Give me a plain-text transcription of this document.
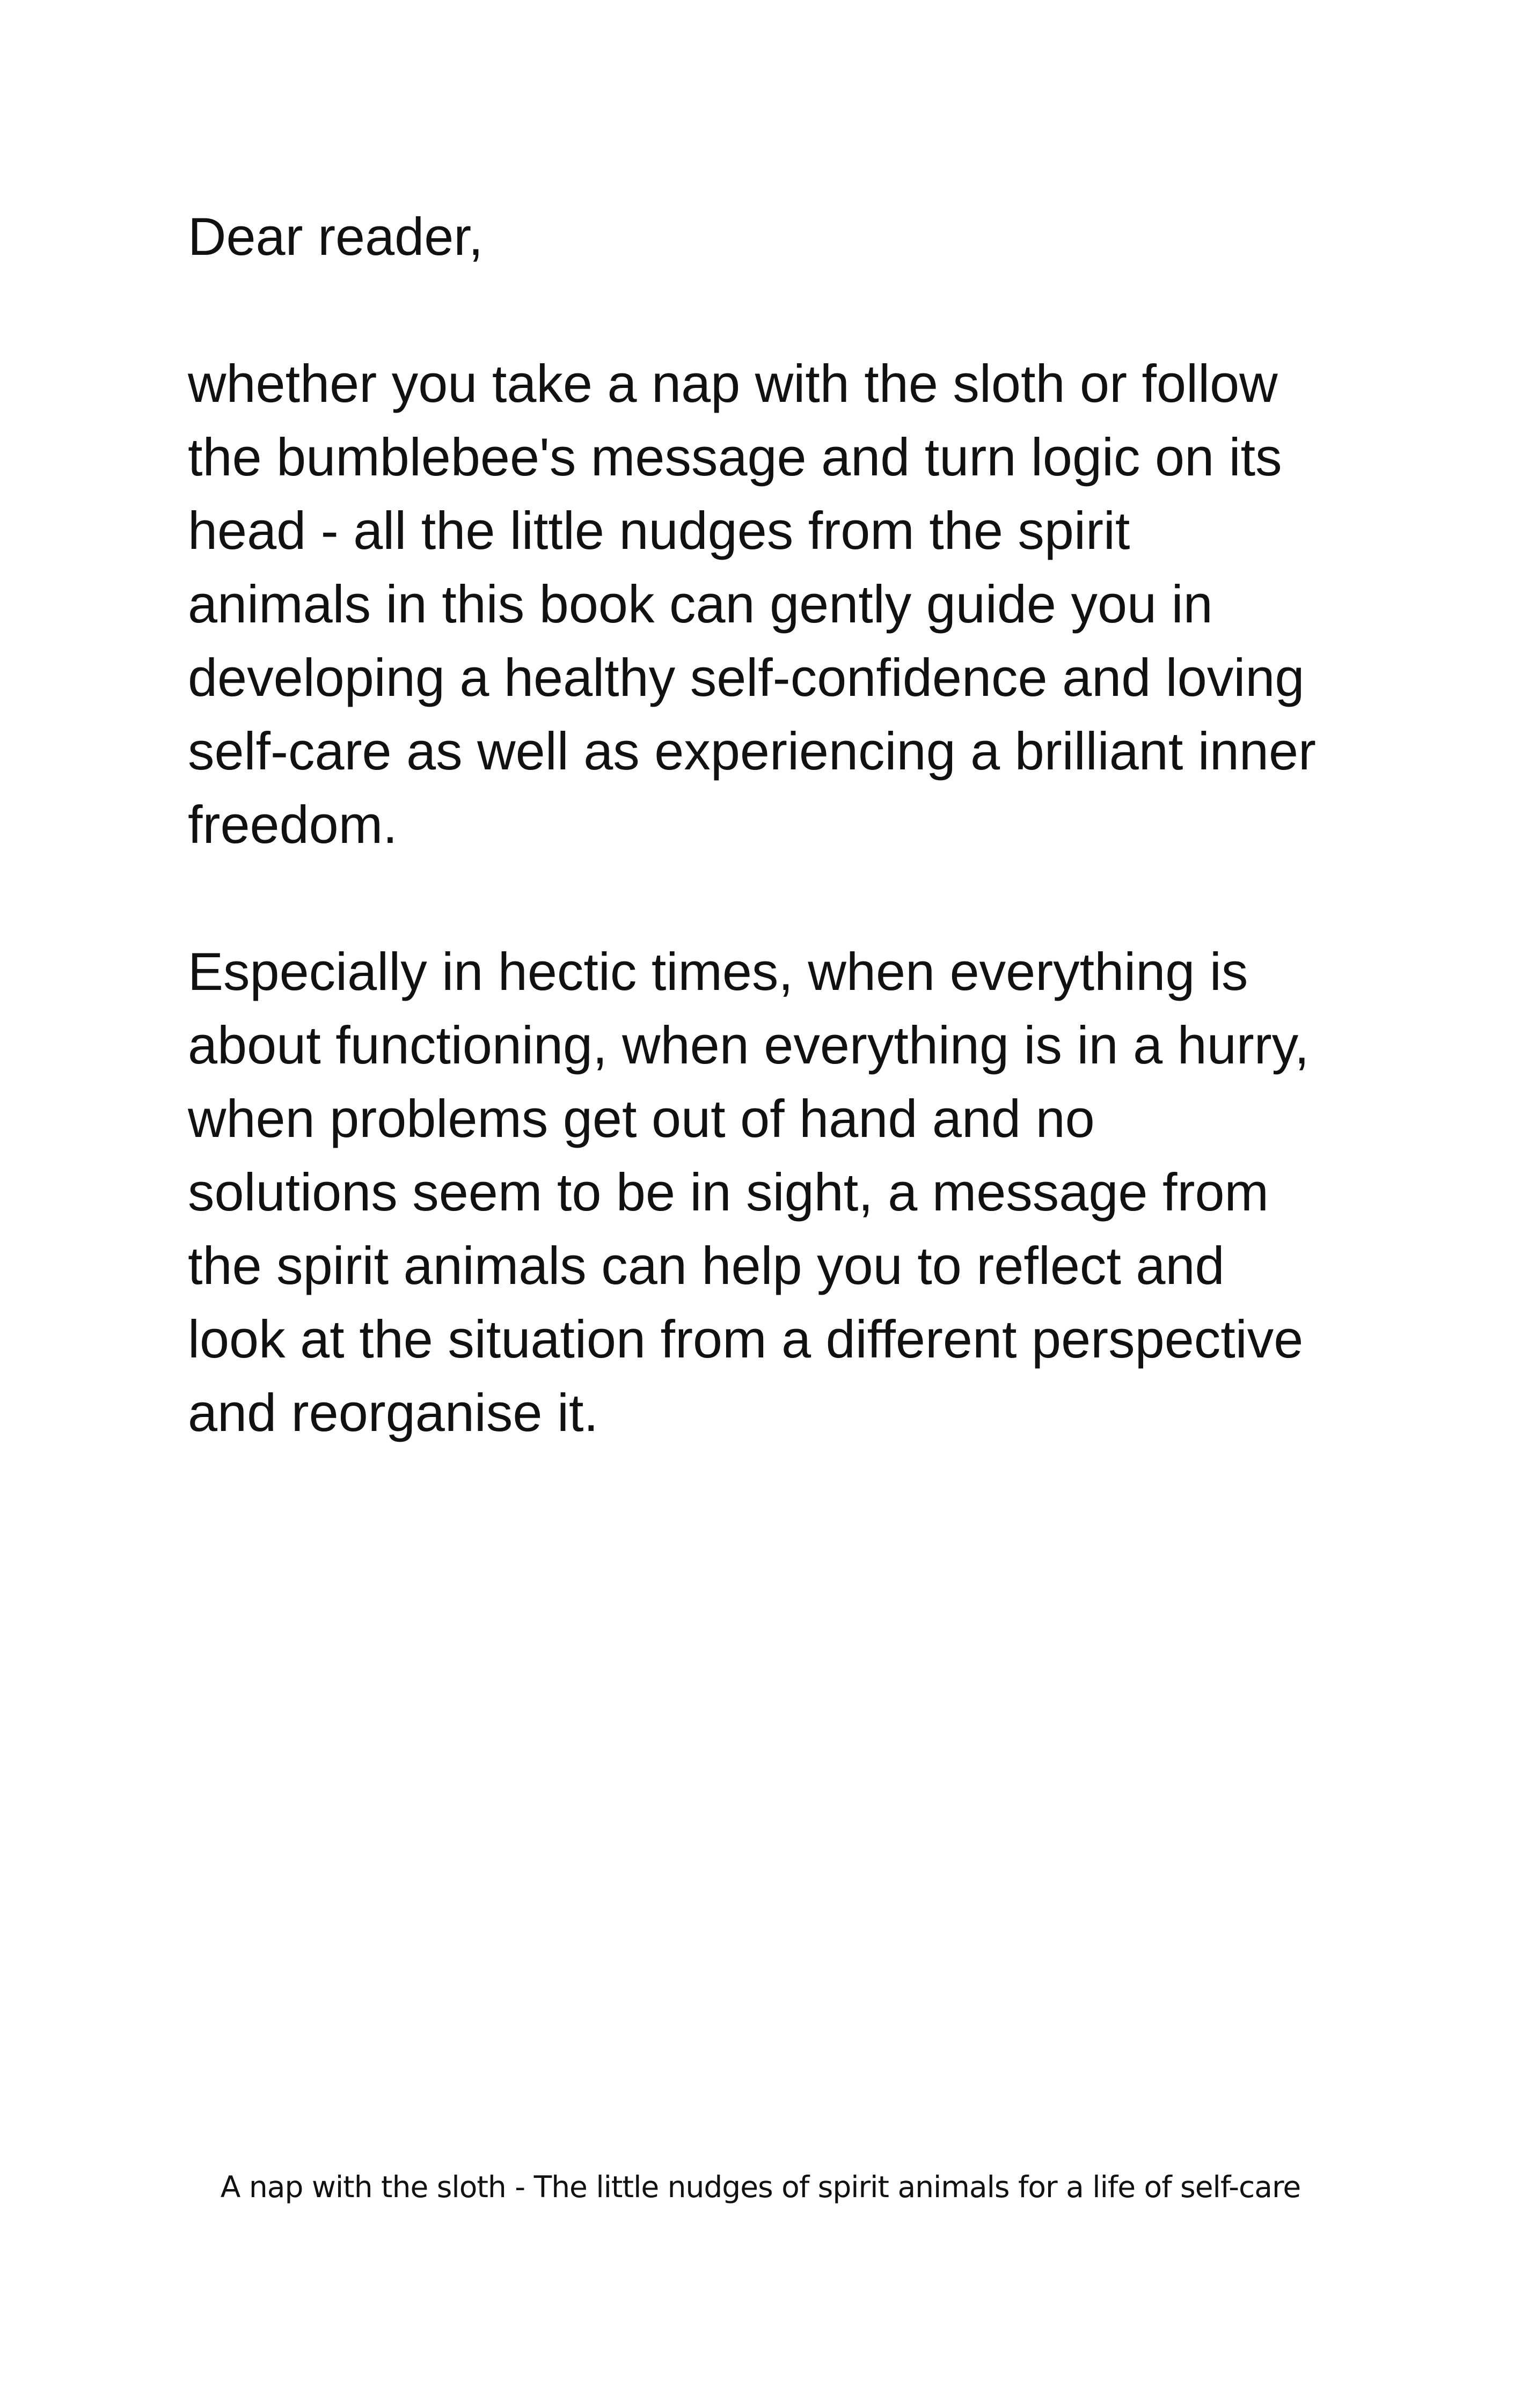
Dear reader,
whether you take a nap with the sloth or follow
the bumblebee's message and turn logic on its
head - all the little nudges from the spirit
animals in this book can gently guide you in
developing a healthy self-confidence and loving
self-care as well as experiencing a brilliant inner
freedom.
Especially in hectic times, when everything is
about functioning, when everything is in a hurry,
when problems get out of hand and no
solutions seem to be in sight, a message from
the spirit animals can help you to reflect and
look at the situation from a different perspective
and reorganise it.
A nap with the sloth - The little nudges of spirit animals for a life of self-care
